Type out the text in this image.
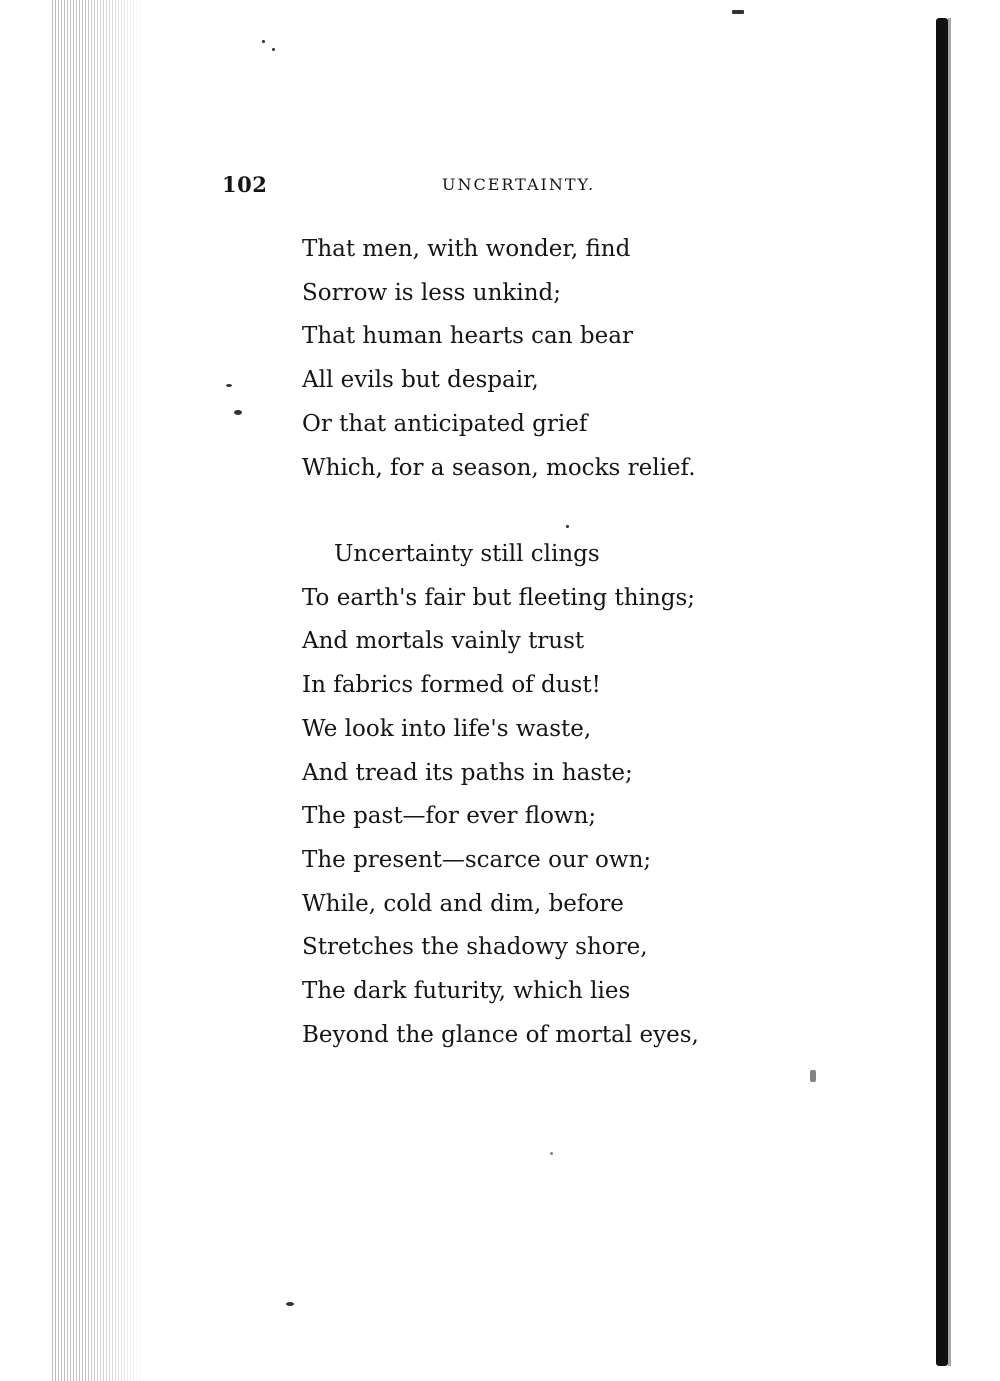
102	UNCERTAINTY.
That men, with wonder, find
Sorrow is less unkind;
That human hearts can bear
All evils but despair,
Or that anticipated grief
Which, for a season, mocks relief.
Uncertainty still clings
To earth's fair but fleeting things;
And mortals vainly trust
In fabrics formed of dust!
We look into life's waste,
And tread its paths in haste;
The past—for ever flown;
The present—scarce our own;
While, cold and dim, before
Stretches the shadowy shore,
The dark futurity, which lies
Beyond the glance of mortal eyes,
